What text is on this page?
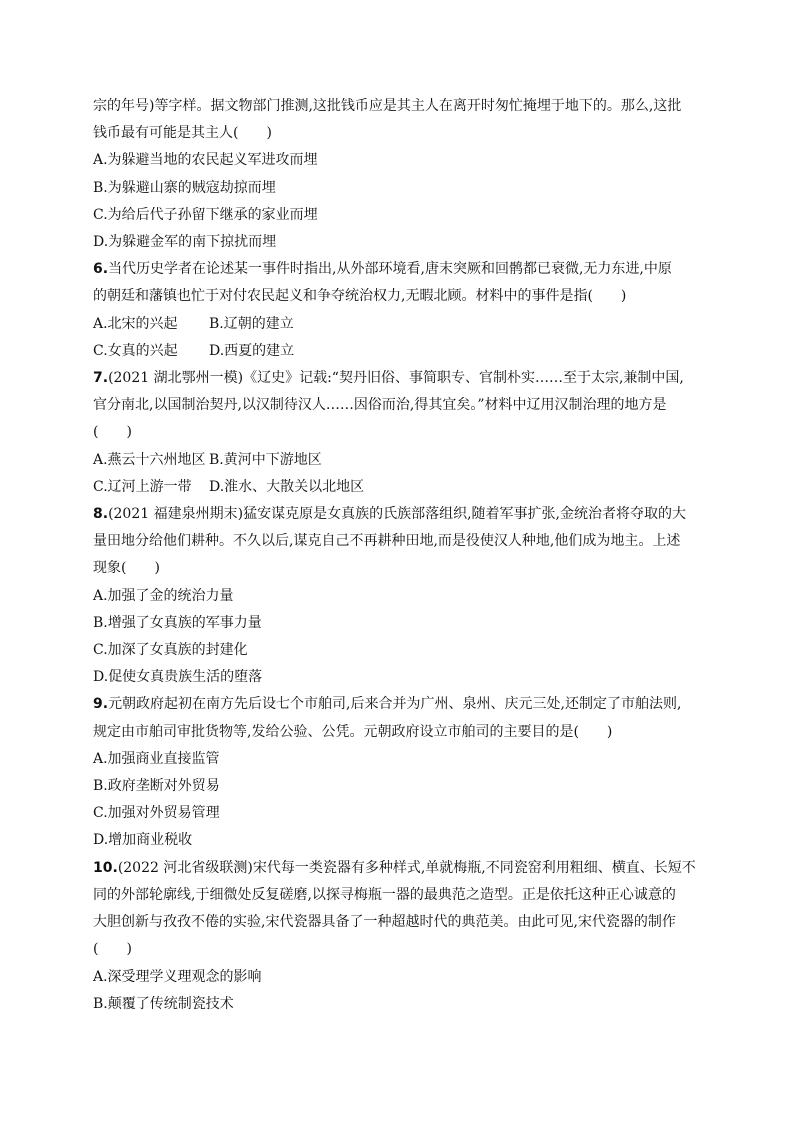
宗的年号)等字样。据文物部门推测,这批钱币应是其主人在离开时匆忙掩埋于地下的。那么,这批
钱币最有可能是其主人(　　)
A.为躲避当地的农民起义军进攻而埋
B.为躲避山寨的贼寇劫掠而埋
C.为给后代子孙留下继承的家业而埋
D.为躲避金军的南下掠扰而埋
6.当代历史学者在论述某一事件时指出,从外部环境看,唐末突厥和回鹘都已衰微,无力东进,中原
的朝廷和藩镇也忙于对付农民起义和争夺统治权力,无暇北顾。材料中的事件是指(　　)
A.北宋的兴起 B.辽朝的建立
C.女真的兴起 D.西夏的建立
7.(2021 湖北鄂州一模)《辽史》记载:“契丹旧俗、事简职专、官制朴实……至于太宗,兼制中国,
官分南北,以国制治契丹,以汉制待汉人……因俗而治,得其宜矣。”材料中辽用汉制治理的地方是
(　　)
A.燕云十六州地区 B.黄河中下游地区
C.辽河上游一带 D.淮水、大散关以北地区
8.(2021 福建泉州期末)猛安谋克原是女真族的氏族部落组织,随着军事扩张,金统治者将夺取的大
量田地分给他们耕种。不久以后,谋克自己不再耕种田地,而是役使汉人种地,他们成为地主。上述
现象(　　)
A.加强了金的统治力量
B.增强了女真族的军事力量
C.加深了女真族的封建化
D.促使女真贵族生活的堕落
9.元朝政府起初在南方先后设七个市舶司,后来合并为广州、泉州、庆元三处,还制定了市舶法则,
规定由市舶司审批货物等,发给公验、公凭。元朝政府设立市舶司的主要目的是(　　)
A.加强商业直接监管
B.政府垄断对外贸易
C.加强对外贸易管理
D.增加商业税收
10.(2022 河北省级联测)宋代每一类瓷器有多种样式,单就梅瓶,不同瓷窑利用粗细、横直、长短不
同的外部轮廓线,于细微处反复磋磨,以探寻梅瓶一器的最典范之造型。正是依托这种正心诚意的
大胆创新与孜孜不倦的实验,宋代瓷器具备了一种超越时代的典范美。由此可见,宋代瓷器的制作
(　　)
A.深受理学义理观念的影响
B.颠覆了传统制瓷技术
